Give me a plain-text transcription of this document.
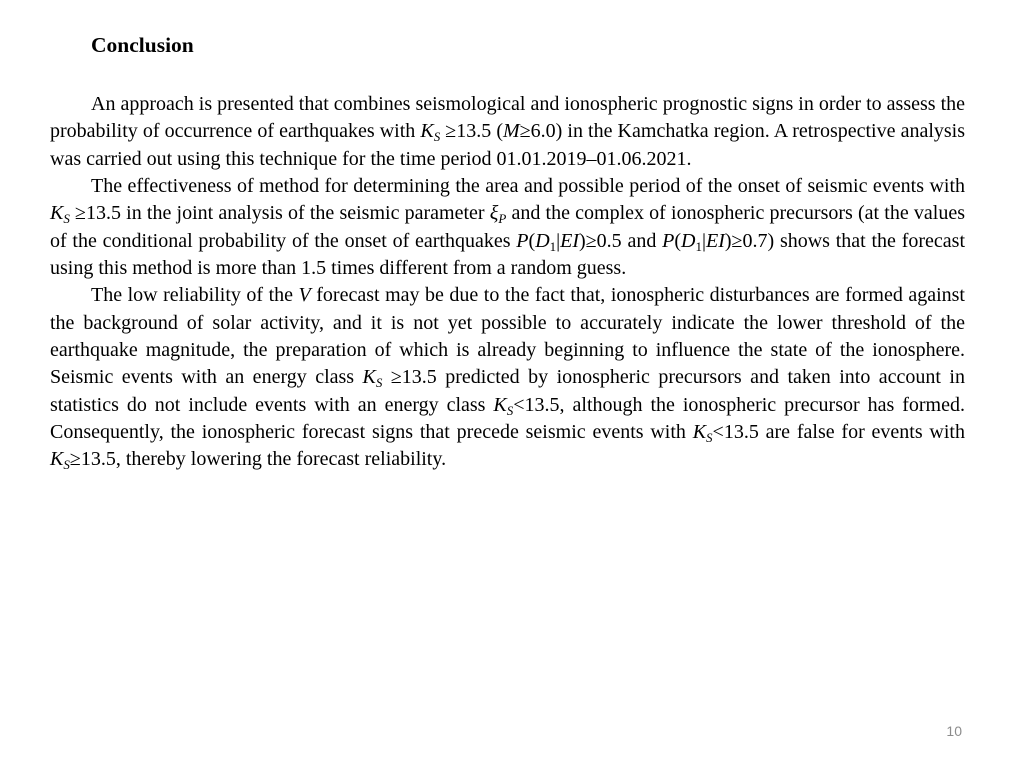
Conclusion

An approach is presented that combines seismological and ionospheric prognostic signs in order to assess the probability of occurrence of earthquakes with $K_S \ge 13.5$ (M≥6.0) in the Kamchatka region. A retrospective analysis was carried out using this technique for the time period 01.01.2019–01.06.2021.

The effectiveness of method for determining the area and possible period of the onset of seismic events with $K_S \ge 13.5$ in the joint analysis of the seismic parameter $\xi_P$ and the complex of ionospheric precursors (at the values of the conditional probability of the onset of earthquakes $P(D_1|EI)\ge 0.5$ and $P(D_1|EI)\ge 0.7$) shows that the forecast using this method is more than 1.5 times different from a random guess.

The low reliability of the V forecast may be due to the fact that, ionospheric disturbances are formed against the background of solar activity, and it is not yet possible to accurately indicate the lower threshold of the earthquake magnitude, the preparation of which is already beginning to influence the state of the ionosphere. Seismic events with an energy class $K_S \ge 13.5$ predicted by ionospheric precursors and taken into account in statistics do not include events with an energy class $K_S<13.5$, although the ionospheric precursor has formed. Consequently, the ionospheric forecast signs that precede seismic events with $K_S<13.5$ are false for events with $K_S\ge 13.5$, thereby lowering the forecast reliability.

10
